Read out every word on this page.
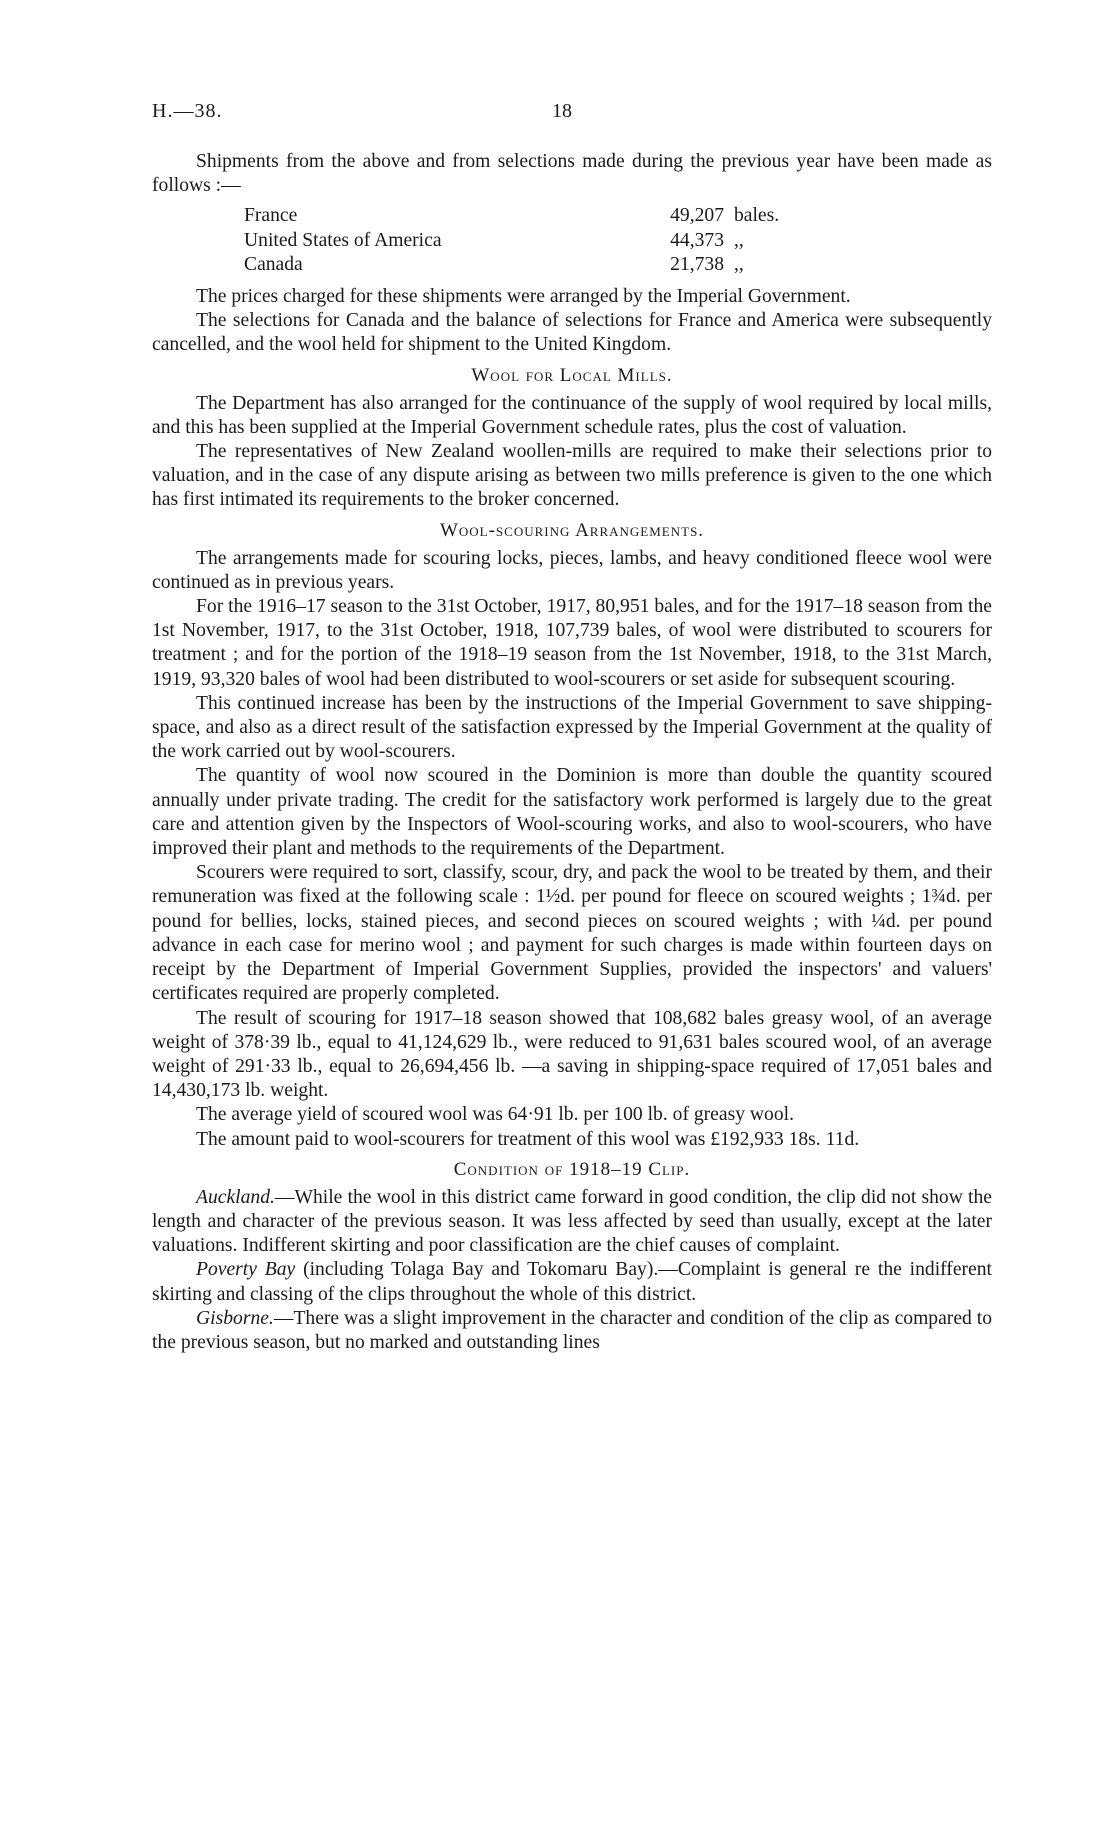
H.—38.	18

Shipments from the above and from selections made during the previous year have been made as follows :—

France	49,207	bales.
United States of America	44,373	,,
Canada	21,738	,,

The prices charged for these shipments were arranged by the Imperial Government.

The selections for Canada and the balance of selections for France and America were subsequently cancelled, and the wool held for shipment to the United Kingdom.

Wool for Local Mills.

The Department has also arranged for the continuance of the supply of wool required by local mills, and this has been supplied at the Imperial Government schedule rates, plus the cost of valuation.

The representatives of New Zealand woollen-mills are required to make their selections prior to valuation, and in the case of any dispute arising as between two mills preference is given to the one which has first intimated its requirements to the broker concerned.

Wool-scouring Arrangements.

The arrangements made for scouring locks, pieces, lambs, and heavy conditioned fleece wool were continued as in previous years.

For the 1916–17 season to the 31st October, 1917, 80,951 bales, and for the 1917–18 season from the 1st November, 1917, to the 31st October, 1918, 107,739 bales, of wool were distributed to scourers for treatment ; and for the portion of the 1918–19 season from the 1st November, 1918, to the 31st March, 1919, 93,320 bales of wool had been distributed to wool-scourers or set aside for subsequent scouring.

This continued increase has been by the instructions of the Imperial Government to save shipping-space, and also as a direct result of the satisfaction expressed by the Imperial Government at the quality of the work carried out by wool-scourers.

The quantity of wool now scoured in the Dominion is more than double the quantity scoured annually under private trading. The credit for the satisfactory work performed is largely due to the great care and attention given by the Inspectors of Wool-scouring works, and also to wool-scourers, who have improved their plant and methods to the requirements of the Department.

Scourers were required to sort, classify, scour, dry, and pack the wool to be treated by them, and their remuneration was fixed at the following scale : 1½d. per pound for fleece on scoured weights ; 1¾d. per pound for bellies, locks, stained pieces, and second pieces on scoured weights ; with ¼d. per pound advance in each case for merino wool ; and payment for such charges is made within fourteen days on receipt by the Department of Imperial Government Supplies, provided the inspectors' and valuers' certificates required are properly completed.

The result of scouring for 1917–18 season showed that 108,682 bales greasy wool, of an average weight of 378·39 lb., equal to 41,124,629 lb., were reduced to 91,631 bales scoured wool, of an average weight of 291·33 lb., equal to 26,694,456 lb. —a saving in shipping-space required of 17,051 bales and 14,430,173 lb. weight.

The average yield of scoured wool was 64·91 lb. per 100 lb. of greasy wool.

The amount paid to wool-scourers for treatment of this wool was £192,933 18s. 11d.

Condition of 1918–19 Clip.

Auckland.—While the wool in this district came forward in good condition, the clip did not show the length and character of the previous season. It was less affected by seed than usually, except at the later valuations. Indifferent skirting and poor classification are the chief causes of complaint.

Poverty Bay (including Tolaga Bay and Tokomaru Bay).—Complaint is general re the indifferent skirting and classing of the clips throughout the whole of this district.

Gisborne.—There was a slight improvement in the character and condition of the clip as compared to the previous season, but no marked and outstanding lines
